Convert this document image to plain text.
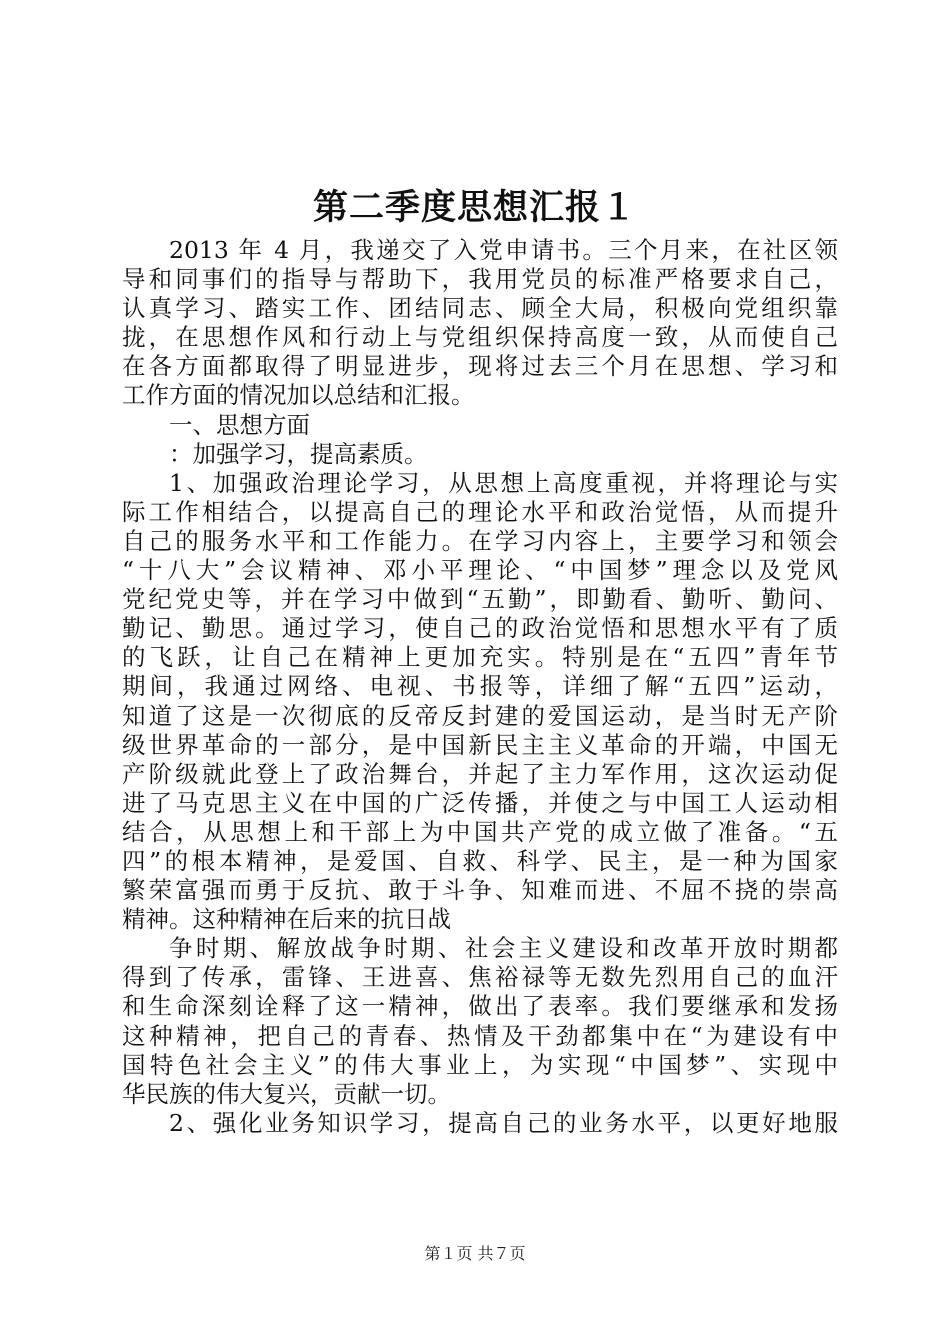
第二季度思想汇报１
2013 年 4 月，我递交了入党申请书。三个月来，在社区领
导和同事们的指导与帮助下，我用党员的标准严格要求自己，
认真学习、踏实工作、团结同志、顾全大局，积极向党组织靠
拢，在思想作风和行动上与党组织保持高度一致，从而使自己
在各方面都取得了明显进步，现将过去三个月在思想、学习和
工作方面的情况加以总结和汇报。
一、思想方面
：加强学习，提高素质。
1、加强政治理论学习，从思想上高度重视，并将理论与实
际工作相结合，以提高自己的理论水平和政治觉悟，从而提升
自己的服务水平和工作能力。在学习内容上，主要学习和领会
“十八大”会议精神、邓小平理论、“中国梦”理念以及党风
党纪党史等，并在学习中做到“五勤”，即勤看、勤听、勤问、
勤记、勤思。通过学习，使自己的政治觉悟和思想水平有了质
的飞跃，让自己在精神上更加充实。特别是在“五四”青年节
期间，我通过网络、电视、书报等，详细了解“五四”运动，
知道了这是一次彻底的反帝反封建的爱国运动，是当时无产阶
级世界革命的一部分，是中国新民主主义革命的开端，中国无
产阶级就此登上了政治舞台，并起了主力军作用，这次运动促
进了马克思主义在中国的广泛传播，并使之与中国工人运动相
结合，从思想上和干部上为中国共产党的成立做了准备。“五
四”的根本精神，是爱国、自救、科学、民主，是一种为国家
繁荣富强而勇于反抗、敢于斗争、知难而进、不屈不挠的崇高
精神。这种精神在后来的抗日战
争时期、解放战争时期、社会主义建设和改革开放时期都
得到了传承，雷锋、王进喜、焦裕禄等无数先烈用自己的血汗
和生命深刻诠释了这一精神，做出了表率。我们要继承和发扬
这种精神，把自己的青春、热情及干劲都集中在“为建设有中
国特色社会主义”的伟大事业上，为实现“中国梦”、实现中
华民族的伟大复兴，贡献一切。
2、强化业务知识学习，提高自己的业务水平，以更好地服
第１页 共７页
